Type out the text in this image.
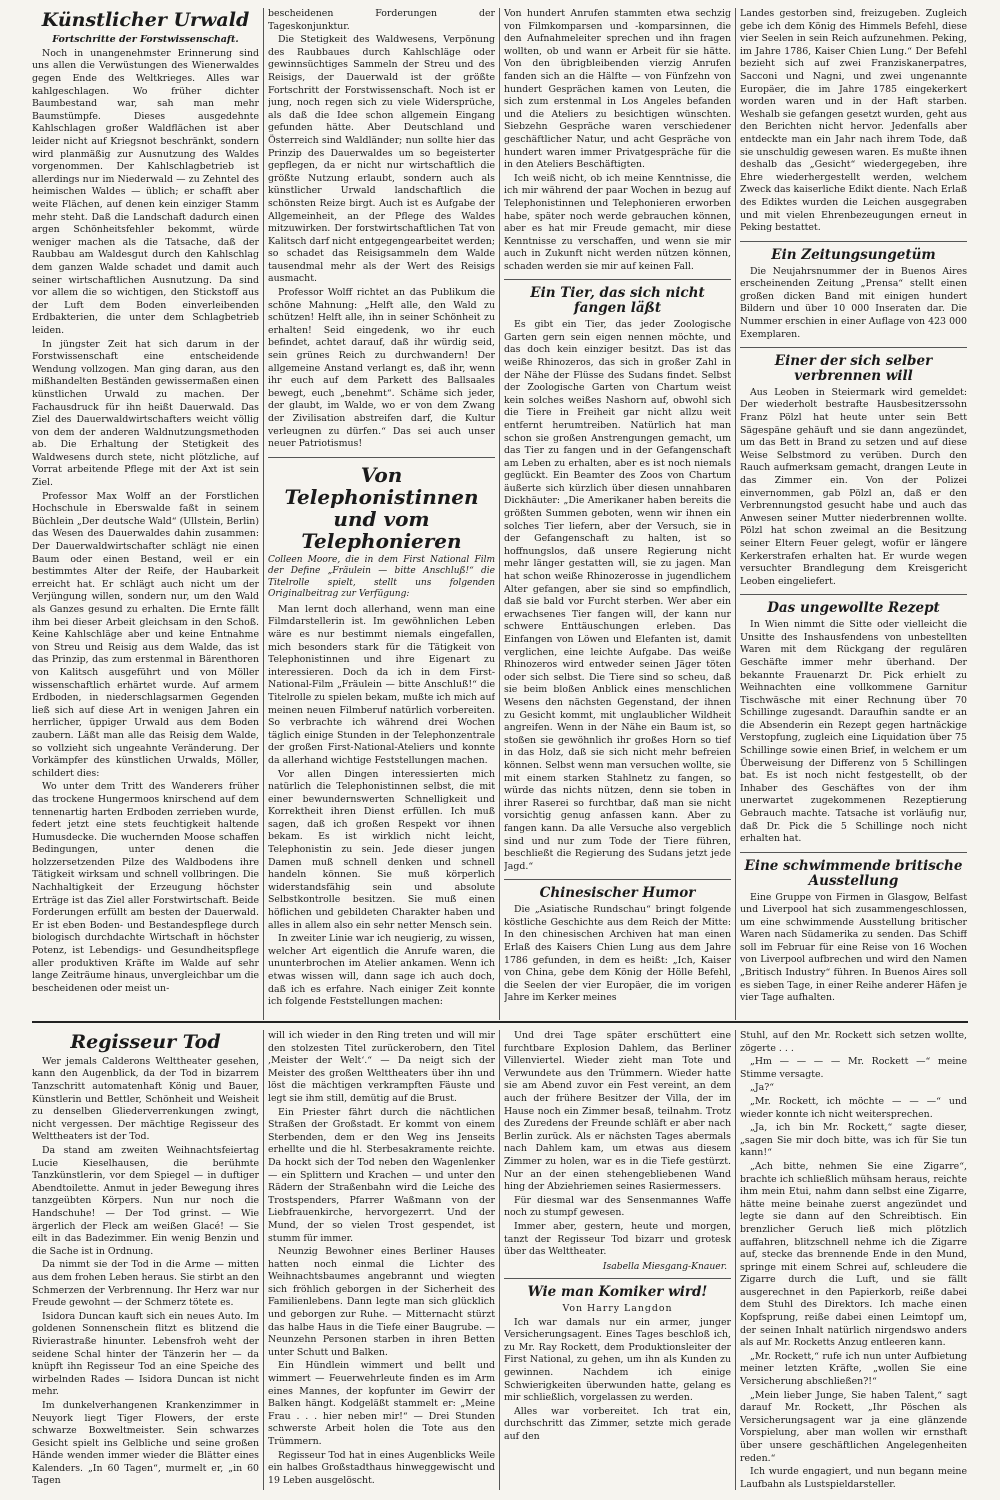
Künstlicher Urwald
Fortschritte der Forstwissenschaft.

Noch in unangenehmster Erinnerung sind uns allen die Verwüstungen des Wienerwaldes gegen Ende des Weltkrieges. Alles war kahlgeschlagen. Wo früher dichter Baumbestand war, sah man mehr Baumstümpfe. Dieses ausgedehnte Kahlschlagen großer Waldflächen ist aber leider nicht auf Kriegsnot beschränkt, sondern wird planmäßig zur Ausnutzung des Waldes vorgenommen. Der Kahlschlagbetrieb ist allerdings nur im Niederwald — zu Zehntel des heimischen Waldes — üblich; er schafft aber weite Flächen, auf denen kein einziger Stamm mehr steht. Daß die Landschaft dadurch einen argen Schönheitsfehler bekommt, würde weniger machen als die Tatsache, daß der Raubbau am Waldesgut durch den Kahlschlag dem ganzen Walde schadet und damit auch seiner wirtschaftlichen Ausnutzung. Da sind vor allem die so wichtigen, den Stickstoff aus der Luft dem Boden einverleibenden Erdbakterien, die unter dem Schlagbetrieb leiden.

In jüngster Zeit hat sich darum in der Forstwissenschaft eine entscheidende Wendung vollzogen. Man ging daran, aus den mißhandelten Beständen gewissermaßen einen künstlichen Urwald zu machen. Der Fachausdruck für ihn heißt Dauerwald. Das Ziel des Dauerwaldwirtschafters weicht völlig von dem der anderen Waldnutzungsmethoden ab. Die Erhaltung der Stetigkeit des Waldwesens durch stete, nicht plötzliche, auf Vorrat arbeitende Pflege mit der Axt ist sein Ziel.

Professor Max Wolff an der Forstlichen Hochschule in Eberswalde faßt in seinem Büchlein „Der deutsche Wald“ (Ullstein, Berlin) das Wesen des Dauerwaldes dahin zusammen: Der Dauerwaldwirtschafter schlägt nie einen Baum oder einen Bestand, weil er ein bestimmtes Alter der Reife, der Haubarkeit erreicht hat. Er schlägt auch nicht um der Verjüngung willen, sondern nur, um den Wald als Ganzes gesund zu erhalten. Die Ernte fällt ihm bei dieser Arbeit gleichsam in den Schoß. Keine Kahlschläge aber und keine Entnahme von Streu und Reisig aus dem Walde, das ist das Prinzip, das zum erstenmal in Bärenthoren von Kalitsch ausgeführt und von Möller wissenschaftlich erhärtet wurde. Auf armem Erdboden, in niederschlagsarmen Gegenden ließ sich auf diese Art in wenigen Jahren ein herrlicher, üppiger Urwald aus dem Boden zaubern. Läßt man alle das Reisig dem Walde, so vollzieht sich ungeahnte Veränderung. Der Vorkämpfer des künstlichen Urwalds, Möller, schildert dies:

Wo unter dem Tritt des Wanderers früher das trockene Hungermoos knirschend auf dem tennenartig harten Erdboden zerrieben wurde, federt jetzt eine stets feuchtigkeit haltende Humusdecke. Die wuchernden Moose schaffen Bedingungen, unter denen die holzzersetzenden Pilze des Waldbodens ihre Tätigkeit wirksam und schnell vollbringen. Die Nachhaltigkeit der Erzeugung höchster Erträge ist das Ziel aller Forstwirtschaft. Beide Forderungen erfüllt am besten der Dauerwald. Er ist eben Boden- und Bestandespflege durch biologisch durchdachte Wirtschaft in höchster Potenz, ist Lebendigs- und Gesundheitspflege aller produktiven Kräfte im Walde auf sehr lange Zeiträume hinaus, unvergleichbar um die bescheidenen oder meist un-

bescheidenen Forderungen der Tageskonjunktur.

Die Stetigkeit des Waldwesens, Verpönung des Raubbaues durch Kahlschläge oder gewinnsüchtiges Sammeln der Streu und des Reisigs, der Dauerwald ist der größte Fortschritt der Forstwissenschaft. Noch ist er jung, noch regen sich zu viele Widersprüche, als daß die Idee schon allgemein Eingang gefunden hätte. Aber Deutschland und Österreich sind Waldländer; nun sollte hier das Prinzip des Dauerwaldes um so begeisterter gepflegen, da er nicht nur wirtschaftlich die größte Nutzung erlaubt, sondern auch als künstlicher Urwald landschaftlich die schönsten Reize birgt. Auch ist es Aufgabe der Allgemeinheit, an der Pflege des Waldes mitzuwirken. Der forstwirtschaftlichen Tat von Kalitsch darf nicht entgegengearbeitet werden; so schadet das Reisigsammeln dem Walde tausendmal mehr als der Wert des Reisigs ausmacht.

Professor Wolff richtet an das Publikum die schöne Mahnung: „Helft alle, den Wald zu schützen! Helft alle, ihn in seiner Schönheit zu erhalten! Seid eingedenk, wo ihr euch befindet, achtet darauf, daß ihr würdig seid, sein grünes Reich zu durchwandern! Der allgemeine Anstand verlangt es, daß ihr, wenn ihr euch auf dem Parkett des Ballsaales bewegt, euch „benehmt“. Schäme sich jeder, der glaubt, im Walde, wo er von dem Zwang der Zivilisation abstreifen darf, die Kultur verleugnen zu dürfen.“ Das sei auch unser neuer Patriotismus!

Von Telephonistinnen und vom Telephonieren
Colleen Moore, die in dem First National Film der Define „Fräulein — bitte Anschluß!“ die Titelrolle spielt, stellt uns folgenden Originalbeitrag zur Verfügung:

Man lernt doch allerhand, wenn man eine Filmdarstellerin ist. Im gewöhnlichen Leben wäre es nur bestimmt niemals eingefallen, mich besonders stark für die Tätigkeit von Telephonistinnen und ihre Eigenart zu interessieren. Doch da ich in dem First-National-Film „Fräulein — bitte Anschluß!“ die Titelrolle zu spielen bekam, mußte ich mich auf meinen neuen Filmberuf natürlich vorbereiten. So verbrachte ich während drei Wochen täglich einige Stunden in der Telephonzentrale der großen First-National-Ateliers und konnte da allerhand wichtige Feststellungen machen.

Vor allen Dingen interessierten mich natürlich die Telephonistinnen selbst, die mit einer bewundernswerten Schnelligkeit und Korrektheit ihren Dienst erfüllen. Ich muß sagen, daß ich großen Respekt vor ihnen bekam. Es ist wirklich nicht leicht, Telephonistin zu sein. Jede dieser jungen Damen muß schnell denken und schnell handeln können. Sie muß körperlich widerstandsfähig sein und absolute Selbstkontrolle besitzen. Sie muß einen höflichen und gebildeten Charakter haben und alles in allem also ein sehr netter Mensch sein.

In zweiter Linie war ich neugierig, zu wissen, welcher Art eigentlich die Anrufe waren, die ununterbrochen im Atelier ankamen. Wenn ich etwas wissen will, dann sage ich auch doch, daß ich es erfahre. Nach einiger Zeit konnte ich folgende Feststellungen machen:

Von hundert Anrufen stammten etwa sechzig von Filmkomparsen und -komparsinnen, die den Aufnahmeleiter sprechen und ihn fragen wollten, ob und wann er Arbeit für sie hätte. Von den übrigbleibenden vierzig Anrufen fanden sich an die Hälfte — von Fünfzehn von hundert Gesprächen kamen von Leuten, die sich zum erstenmal in Los Angeles befanden und die Ateliers zu besichtigen wünschten. Siebzehn Gespräche waren verschiedener geschäftlicher Natur, und acht Gespräche von hundert waren immer Privatgespräche für die in den Ateliers Beschäftigten.

Ich weiß nicht, ob ich meine Kenntnisse, die ich mir während der paar Wochen in bezug auf Telephonistinnen und Telephonieren erworben habe, später noch werde gebrauchen können, aber es hat mir Freude gemacht, mir diese Kenntnisse zu verschaffen, und wenn sie mir auch in Zukunft nicht werden nützen können, schaden werden sie mir auf keinen Fall.

Ein Tier, das sich nicht fangen läßt

Es gibt ein Tier, das jeder Zoologische Garten gern sein eigen nennen möchte, und das doch kein einziger besitzt. Das ist das weiße Rhinozeros, das sich in großer Zahl in der Nähe der Flüsse des Sudans findet. Selbst der Zoologische Garten von Chartum weist kein solches weißes Nashorn auf, obwohl sich die Tiere in Freiheit gar nicht allzu weit entfernt herumtreiben. Natürlich hat man schon sie großen Anstrengungen gemacht, um das Tier zu fangen und in der Gefangenschaft am Leben zu erhalten, aber es ist noch niemals geglückt. Ein Beamter des Zoos von Chartum äußerte sich kürzlich über diesen unnahbaren Dickhäuter: „Die Amerikaner haben bereits die größten Summen geboten, wenn wir ihnen ein solches Tier liefern, aber der Versuch, sie in der Gefangenschaft zu halten, ist so hoffnungslos, daß unsere Regierung nicht mehr länger gestatten will, sie zu jagen. Man hat schon weiße Rhinozerosse in jugendlichem Alter gefangen, aber sie sind so empfindlich, daß sie bald vor Furcht sterben. Wer aber ein erwachsenes Tier fangen will, der kann nur schwere Enttäuschungen erleben. Das Einfangen von Löwen und Elefanten ist, damit verglichen, eine leichte Aufgabe. Das weiße Rhinozeros wird entweder seinen Jäger töten oder sich selbst. Die Tiere sind so scheu, daß sie beim bloßen Anblick eines menschlichen Wesens den nächsten Gegenstand, der ihnen zu Gesicht kommt, mit unglaublicher Wildheit angreifen. Wenn in der Nähe ein Baum ist, so stoßen sie gewöhnlich ihr großes Horn so tief in das Holz, daß sie sich nicht mehr befreien können. Selbst wenn man versuchen wollte, sie mit einem starken Stahlnetz zu fangen, so würde das nichts nützen, denn sie toben in ihrer Raserei so furchtbar, daß man sie nicht vorsichtig genug anfassen kann. Aber zu fangen kann. Da alle Versuche also vergeblich sind und nur zum Tode der Tiere führen, beschließt die Regierung des Sudans jetzt jede Jagd.“

Chinesischer Humor

Die „Asiatische Rundschau“ bringt folgende köstliche Geschichte aus dem Reich der Mitte: In den chinesischen Archiven hat man einen Erlaß des Kaisers Chien Lung aus dem Jahre 1786 gefunden, in dem es heißt: „Ich, Kaiser von China, gebe dem König der Hölle Befehl, die Seelen der vier Europäer, die im vorigen Jahre im Kerker meines

Landes gestorben sind, freizugeben. Zugleich gebe ich dem König des Himmels Befehl, diese vier Seelen in sein Reich aufzunehmen. Peking, im Jahre 1786, Kaiser Chien Lung.“ Der Befehl bezieht sich auf zwei Franziskanerpatres, Sacconi und Nagni, und zwei ungenannte Europäer, die im Jahre 1785 eingekerkert worden waren und in der Haft starben. Weshalb sie gefangen gesetzt wurden, geht aus den Berichten nicht hervor. Jedenfalls aber entdeckte man ein Jahr nach ihrem Tode, daß sie unschuldig gewesen waren. Es mußte ihnen deshalb das „Gesicht“ wiedergegeben, ihre Ehre wiederhergestellt werden, welchem Zweck das kaiserliche Edikt diente. Nach Erlaß des Ediktes wurden die Leichen ausgegraben und mit vielen Ehrenbezeugungen erneut in Peking bestattet.

Ein Zeitungsungetüm

Die Neujahrsnummer der in Buenos Aires erscheinenden Zeitung „Prensa“ stellt einen großen dicken Band mit einigen hundert Bildern und über 10 000 Inseraten dar. Die Nummer erschien in einer Auflage von 423 000 Exemplaren.

Einer der sich selber verbrennen will

Aus Leoben in Steiermark wird gemeldet: Der wiederholt bestrafte Hausbesitzerssohn Franz Pölzl hat heute unter sein Bett Sägespäne gehäuft und sie dann angezündet, um das Bett in Brand zu setzen und auf diese Weise Selbstmord zu verüben. Durch den Rauch aufmerksam gemacht, drangen Leute in das Zimmer ein. Von der Polizei einvernommen, gab Pölzl an, daß er den Verbrennungstod gesucht habe und auch das Anwesen seiner Mutter niederbrennen wollte. Pölzl hat schon zweimal an die Besitzung seiner Eltern Feuer gelegt, wofür er längere Kerkerstrafen erhalten hat. Er wurde wegen versuchter Brandlegung dem Kreisgericht Leoben eingeliefert.

Das ungewollte Rezept

In Wien nimmt die Sitte oder vielleicht die Unsitte des Inshausfendens von unbestellten Waren mit dem Rückgang der regulären Geschäfte immer mehr überhand. Der bekannte Frauenarzt Dr. Pick erhielt zu Weihnachten eine vollkommene Garnitur Tischwäsche mit einer Rechnung über 70 Schillinge zugesandt. Daraufhin sandte er an die Absenderin ein Rezept gegen hartnäckige Verstopfung, zugleich eine Liquidation über 75 Schillinge sowie einen Brief, in welchem er um Überweisung der Differenz von 5 Schillingen bat. Es ist noch nicht festgestellt, ob der Inhaber des Geschäftes von der ihm unerwartet zugekommenen Rezeptierung Gebrauch machte. Tatsache ist vorläufig nur, daß Dr. Pick die 5 Schillinge noch nicht erhalten hat.

Eine schwimmende britische Ausstellung

Eine Gruppe von Firmen in Glasgow, Belfast und Liverpool hat sich zusammengeschlossen, um eine schwimmende Ausstellung britischer Waren nach Südamerika zu senden. Das Schiff soll im Februar für eine Reise von 16 Wochen von Liverpool aufbrechen und wird den Namen „Britisch Industry“ führen. In Buenos Aires soll es sieben Tage, in einer Reihe anderer Häfen je vier Tage aufhalten.

Regisseur Tod

Wer jemals Calderons Welttheater gesehen, kann den Augenblick, da der Tod in bizarrem Tanzschritt automatenhaft König und Bauer, Künstlerin und Bettler, Schönheit und Weisheit zu denselben Gliederverrenkungen zwingt, nicht vergessen. Der mächtige Regisseur des Welttheaters ist der Tod.

Da stand am zweiten Weihnachtsfeiertag Lucie Kieselhausen, die berühmte Tanzkünstlerin, vor dem Spiegel — in duftiger Abendtoilette. Anmut in jeder Bewegung ihres tanzgeübten Körpers. Nun nur noch die Handschuhe! — Der Tod grinst. — Wie ärgerlich der Fleck am weißen Glacé! — Sie eilt in das Badezimmer. Ein wenig Benzin und die Sache ist in Ordnung.

Da nimmt sie der Tod in die Arme — mitten aus dem frohen Leben heraus. Sie stirbt an den Schmerzen der Verbrennung. Ihr Herz war nur Freude gewohnt — der Schmerz tötete es.

Isidora Duncan kauft sich ein neues Auto. Im goldenen Sonnenschein flitzt es blitzend die Rivierastraße hinunter. Lebensfroh weht der seidene Schal hinter der Tänzerin her — da knüpft ihn Regisseur Tod an eine Speiche des wirbelnden Rades — Isidora Duncan ist nicht mehr.

Im dunkelverhangenen Krankenzimmer in Neuyork liegt Tiger Flowers, der erste schwarze Boxweltmeister. Sein schwarzes Gesicht spielt ins Gelbliche und seine großen Hände wenden immer wieder die Blätter eines Kalenders. „In 60 Tagen“, murmelt er, „in 60 Tagen

will ich wieder in den Ring treten und will mir den stolzesten Titel zurückerobern, den Titel ‚Meister der Welt‘.“ — Da neigt sich der Meister des großen Welttheaters über ihn und löst die mächtigen verkrampften Fäuste und legt sie ihm still, demütig auf die Brust.

Ein Priester fährt durch die nächtlichen Straßen der Großstadt. Er kommt von einem Sterbenden, dem er den Weg ins Jenseits erhellte und die hl. Sterbesakramente reichte. Da hockt sich der Tod neben den Wagenlenker — ein Splittern und Krachen — und unter den Rädern der Straßenbahn wird die Leiche des Trostspenders, Pfarrer Waßmann von der Liebfrauenkirche, hervorgezerrt. Und der Mund, der so vielen Trost gespendet, ist stumm für immer.

Neunzig Bewohner eines Berliner Hauses hatten noch einmal die Lichter des Weihnachtsbaumes angebrannt und wiegten sich fröhlich geborgen in der Sicherheit des Familienlebens. Dann legte man sich glücklich und geborgen zur Ruhe. — Mitternacht stürzt das halbe Haus in die Tiefe einer Baugrube. — Neunzehn Personen starben in ihren Betten unter Schutt und Balken.

Ein Hündlein wimmert und bellt und wimmert — Feuerwehrleute finden es im Arm eines Mannes, der kopfunter im Gewirr der Balken hängt. Kodgeläßt stammelt er: „Meine Frau . . . hier neben mir!“ — Drei Stunden schwerste Arbeit holen die Tote aus den Trümmern.

Regisseur Tod hat in eines Augenblicks Weile ein halbes Großstadthaus hinweggewischt und 19 Leben ausgelöscht.

Und drei Tage später erschüttert eine furchtbare Explosion Dahlem, das Berliner Villenviertel. Wieder zieht man Tote und Verwundete aus den Trümmern. Wieder hatte sie am Abend zuvor ein Fest vereint, an dem auch der frühere Besitzer der Villa, der im Hause noch ein Zimmer besaß, teilnahm. Trotz des Zuredens der Freunde schläft er aber nach Berlin zurück. Als er nächsten Tages abermals nach Dahlem kam, um etwas aus diesem Zimmer zu holen, war es in die Tiefe gestürzt. Nur an der einen stehengebliebenen Wand hing der Abziehriemen seines Rasiermessers.

Für diesmal war des Sensenmannes Waffe noch zu stumpf gewesen.

Immer aber, gestern, heute und morgen, tanzt der Regisseur Tod bizarr und grotesk über das Welttheater.

Isabella Miesgang-Knauer.
Wie man Komiker wird!
Von Harry Langdon

Ich war damals nur ein armer, junger Versicherungsagent. Eines Tages beschloß ich, zu Mr. Ray Rockett, dem Produktionsleiter der First National, zu gehen, um ihn als Kunden zu gewinnen. Nachdem ich einige Schwierigkeiten überwunden hatte, gelang es mir schließlich, vorgelassen zu werden.

Alles war vorbereitet. Ich trat ein, durchschritt das Zimmer, setzte mich gerade auf den

Stuhl, auf den Mr. Rockett sich setzen wollte, zögerte . . .

„Hm — — — — Mr. Rockett —“ meine Stimme versagte.

„Ja?“

„Mr. Rockett, ich möchte — — —“ und wieder konnte ich nicht weitersprechen.

„Ja, ich bin Mr. Rockett,“ sagte dieser, „sagen Sie mir doch bitte, was ich für Sie tun kann!“

„Ach bitte, nehmen Sie eine Zigarre“, brachte ich schließlich mühsam heraus, reichte ihm mein Etui, nahm dann selbst eine Zigarre, hätte meine beinahe zuerst angezündet und legte sie dann auf den Schreibtisch. Ein brenzlicher Geruch ließ mich plötzlich auffahren, blitzschnell nehme ich die Zigarre auf, stecke das brennende Ende in den Mund, springe mit einem Schrei auf, schleudere die Zigarre durch die Luft, und sie fällt ausgerechnet in den Papierkorb, reiße dabei dem Stuhl des Direktors. Ich mache einen Kopfsprung, reiße dabei einen Leimtopf um, der seinen Inhalt natürlich nirgendswo anders als auf Mr. Rocketts Anzug entleeren kann.

„Mr. Rockett,“ rufe ich nun unter Aufbietung meiner letzten Kräfte, „wollen Sie eine Versicherung abschließen?!“

„Mein lieber Junge, Sie haben Talent,“ sagt darauf Mr. Rockett, „Ihr Pöschen als Versicherungsagent war ja eine glänzende Vorspielung, aber man wollen wir ernsthaft über unsere geschäftlichen Angelegenheiten reden.“

Ich wurde engagiert, und nun begann meine Laufbahn als Lustspieldarsteller.
